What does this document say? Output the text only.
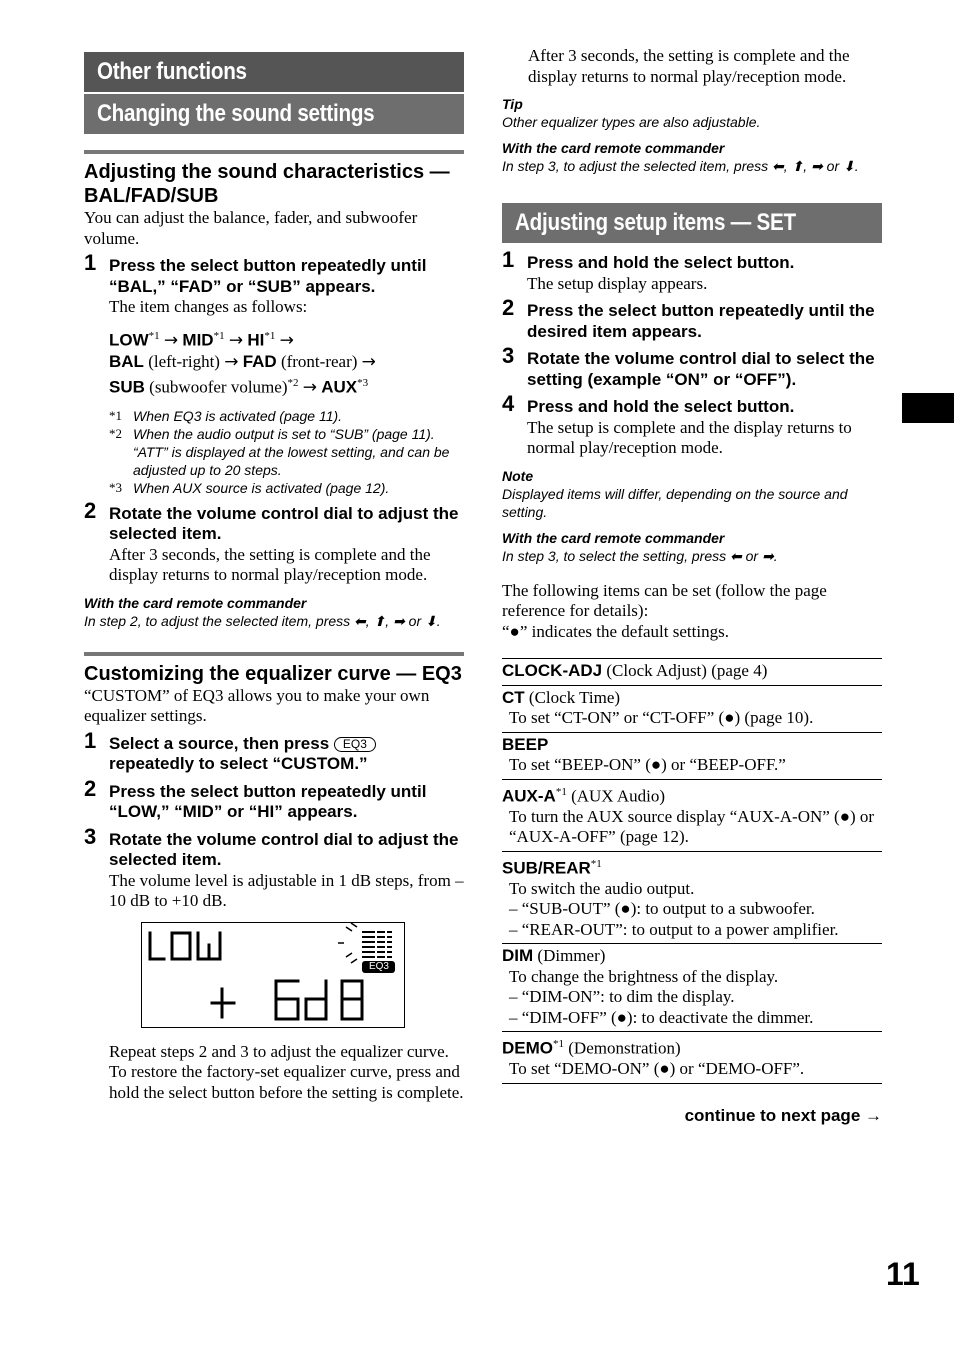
Other functions
Changing the sound settings
Adjusting the sound characteristics — BAL/FAD/SUB

You can adjust the balance, fader, and subwoofer volume.

1 Press the select button repeatedly until “BAL,” “FAD” or “SUB” appears.

The item changes as follows:

$LOW^{*1} \to MID^{*1} \to HI^{*1}$ →
BAL (left-right) → FAD (front-rear) →
SUB (subwoofer volume)$^{*2}$ → $AUX^{*3}$
*1 When EQ3 is activated (page 11).
*2 When the audio output is set to “SUB” (page 11).
“ATT” is displayed at the lowest setting, and can be adjusted up to 20 steps.
*3 When AUX source is activated (page 12).
2 Rotate the volume control dial to adjust the selected item.

After 3 seconds, the setting is complete and the display returns to normal play/reception mode.

With the card remote commander
In step 2, to adjust the selected item, press ⬅, ⬆, ➡ or ⬇.
Customizing the equalizer curve — EQ3

“CUSTOM” of EQ3 allows you to make your own equalizer settings.

1 Select a source, then press EQ3
repeatedly to select “CUSTOM.”
2 Press the select button repeatedly until “LOW,” “MID” or “HI” appears.
3 Rotate the volume control dial to adjust the selected item.

The volume level is adjustable in 1 dB steps, from –10 dB to +10 dB.

EQ3

Repeat steps 2 and 3 to adjust the equalizer curve.

To restore the factory-set equalizer curve, press and hold the select button before the setting is complete.

After 3 seconds, the setting is complete and the display returns to normal play/reception mode.

Tip
Other equalizer types are also adjustable.
With the card remote commander
In step 3, to adjust the selected item, press ⬅, ⬆, ➡ or ⬇.
Adjusting setup items — SET
1 Press and hold the select button.

The setup display appears.

2 Press the select button repeatedly until the desired item appears.
3 Rotate the volume control dial to select the setting (example “ON” or “OFF”).
4 Press and hold the select button.

The setup is complete and the display returns to normal play/reception mode.

Note
Displayed items will differ, depending on the source and setting.
With the card remote commander
In step 3, to select the setting, press ⬅ or ➡.

The following items can be set (follow the page reference for details):

“●” indicates the default settings.

CLOCK-ADJ (Clock Adjust) (page 4)
CT (Clock Time)
To set “CT-ON” or “CT-OFF” (●) (page 10).
BEEP
To set “BEEP-ON” (●) or “BEEP-OFF.”
AUX-$A^{*1}$ (AUX Audio)
To turn the AUX source display “AUX-A-ON” (●) or “AUX-A-OFF” (page 12).
SUB/REAR$^{*1}$
To switch the audio output.
– “SUB-OUT” (●): to output to a subwoofer.
– “REAR-OUT”: to output to a power amplifier.
DIM (Dimmer)
To change the brightness of the display.
– “DIM-ON”: to dim the display.
– “DIM-OFF” (●): to deactivate the dimmer.
DEMO$^{*1}$ (Demonstration)
To set “DEMO-ON” (●) or “DEMO-OFF”.
continue to next page →
11
